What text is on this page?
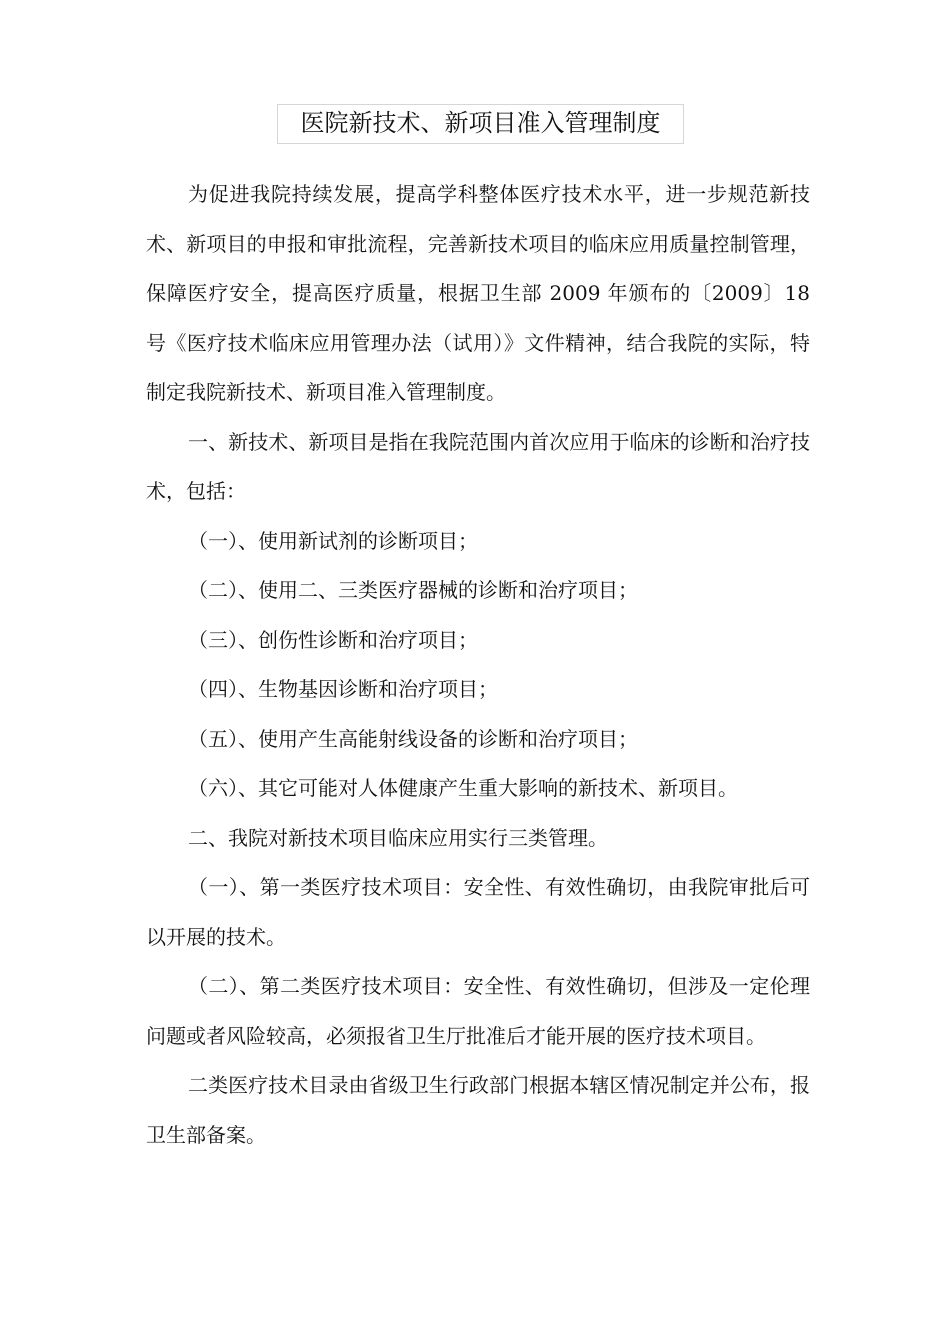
医院新技术、新项目准入管理制度

为促进我院持续发展，提高学科整体医疗技术水平，进一步规范新技术、新项目的申报和审批流程，完善新技术项目的临床应用质量控制管理，保障医疗安全，提高医疗质量，根据卫生部 2009 年颁布的〔2009〕18 号《医疗技术临床应用管理办法（试用）》文件精神，结合我院的实际，特制定我院新技术、新项目准入管理制度。

一、新技术、新项目是指在我院范围内首次应用于临床的诊断和治疗技术，包括：

（一）、使用新试剂的诊断项目；

（二）、使用二、三类医疗器械的诊断和治疗项目；

（三）、创伤性诊断和治疗项目；

（四）、生物基因诊断和治疗项目；

（五）、使用产生高能射线设备的诊断和治疗项目；

（六）、其它可能对人体健康产生重大影响的新技术、新项目。

二、我院对新技术项目临床应用实行三类管理。

（一）、第一类医疗技术项目：安全性、有效性确切，由我院审批后可以开展的技术。

（二）、第二类医疗技术项目：安全性、有效性确切，但涉及一定伦理问题或者风险较高，必须报省卫生厅批准后才能开展的医疗技术项目。

二类医疗技术目录由省级卫生行政部门根据本辖区情况制定并公布，报卫生部备案。
